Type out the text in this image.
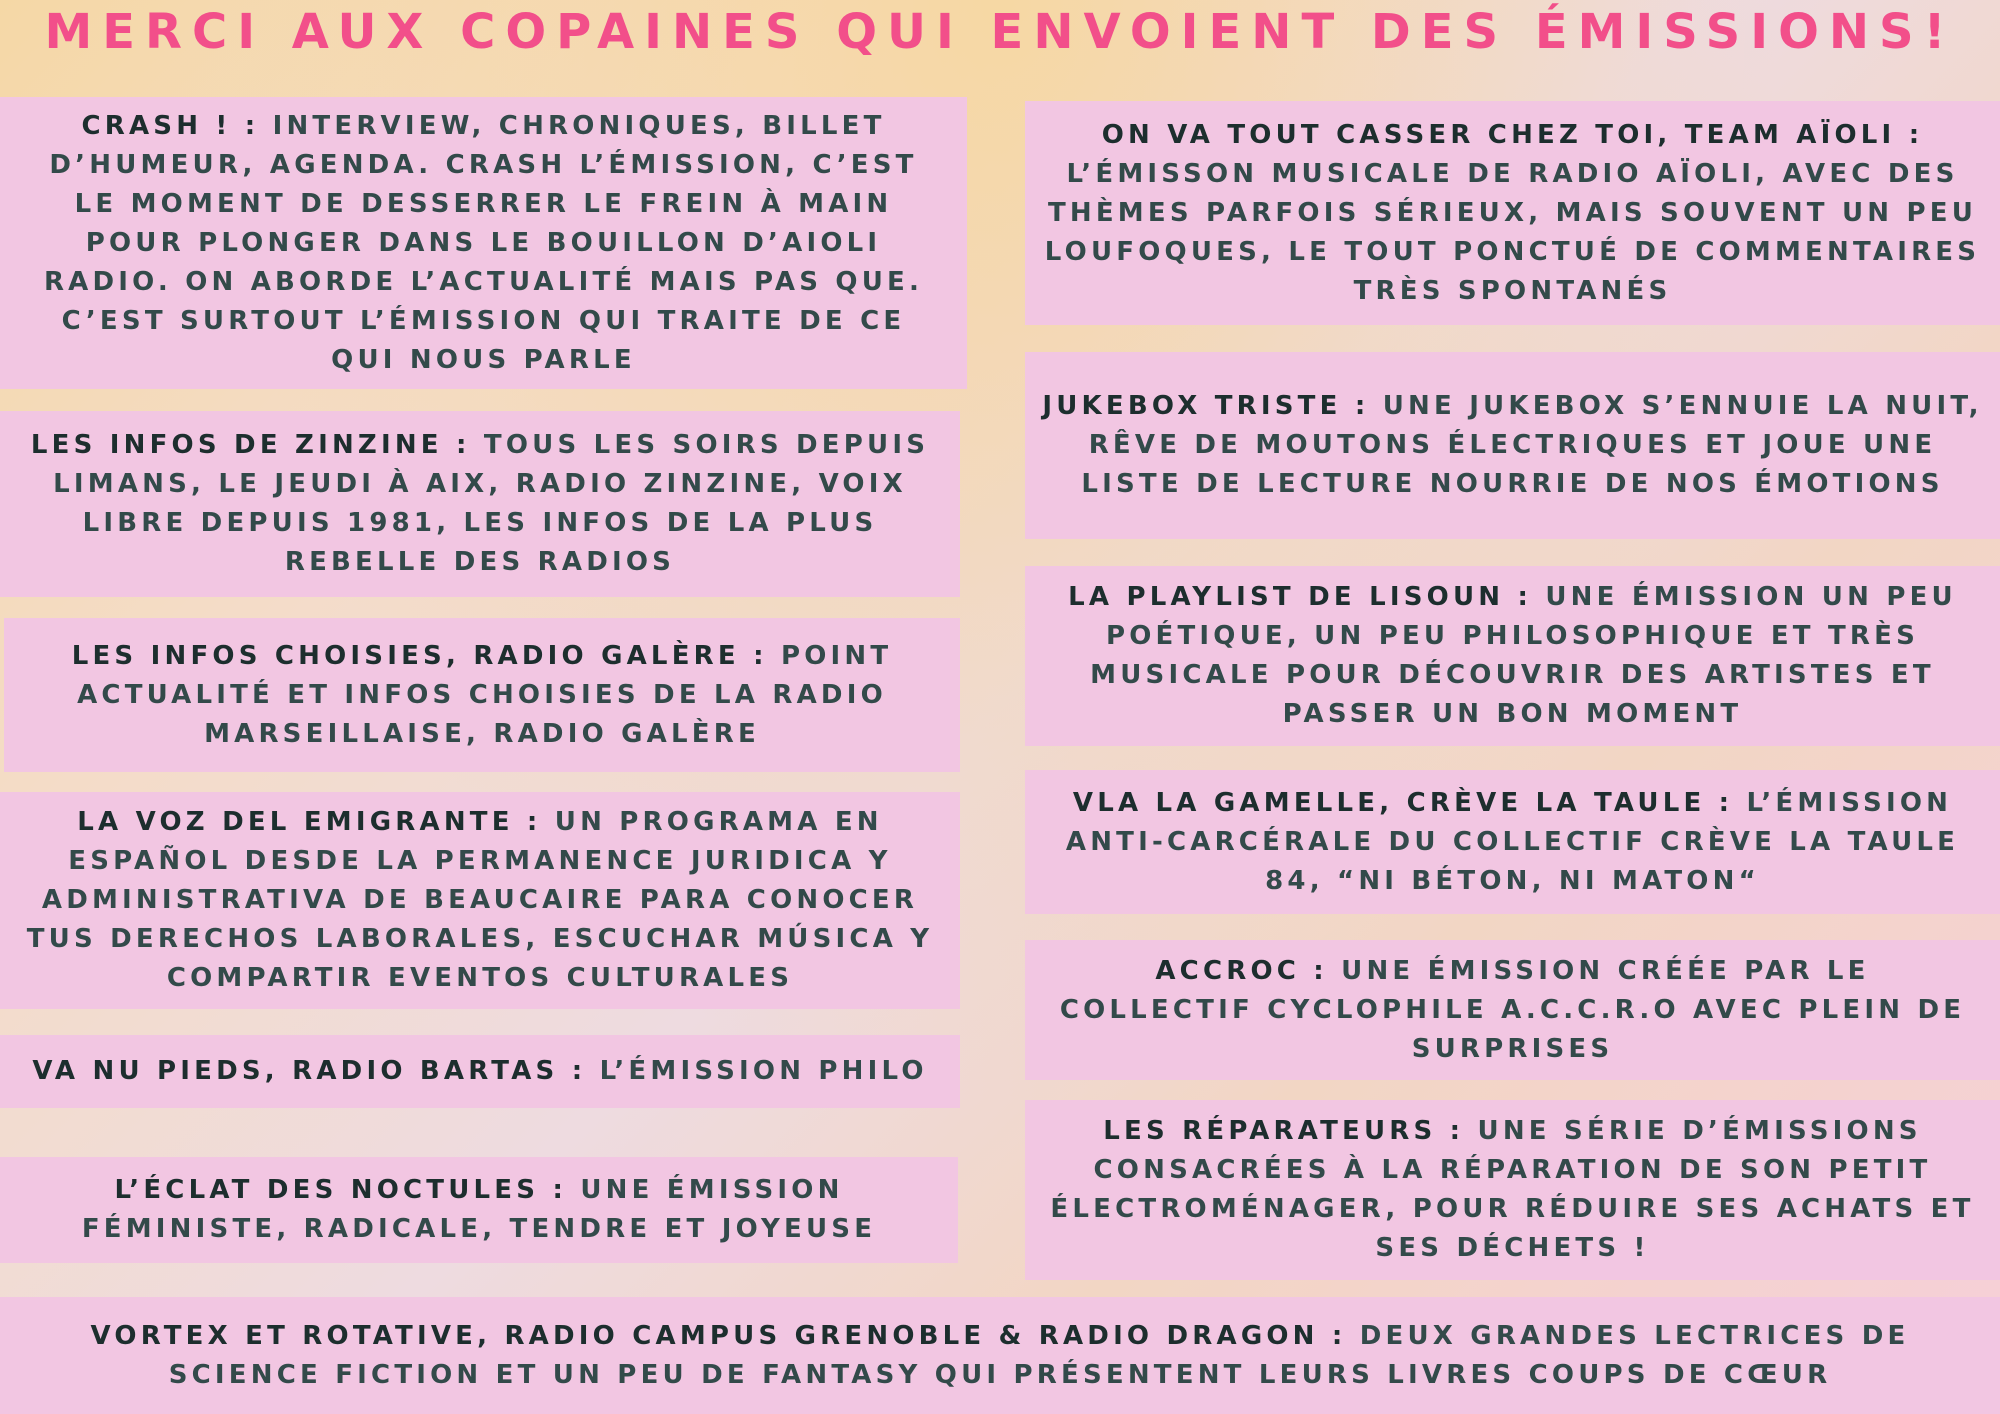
MERCI AUX COPAINES QUI ENVOIENT DES ÉMISSIONS!

CRASH ! : INTERVIEW, CHRONIQUES, BILLET D’HUMEUR, AGENDA. CRASH L’ÉMISSION, C’EST LE MOMENT DE DESSERRER LE FREIN À MAIN POUR PLONGER DANS LE BOUILLON D’AIOLI RADIO. ON ABORDE L’ACTUALITÉ MAIS PAS QUE. C’EST SURTOUT L’ÉMISSION QUI TRAITE DE CE QUI NOUS PARLE

LES INFOS DE ZINZINE : TOUS LES SOIRS DEPUIS LIMANS, LE JEUDI À AIX, RADIO ZINZINE, VOIX LIBRE DEPUIS 1981, LES INFOS DE LA PLUS REBELLE DES RADIOS

LES INFOS CHOISIES, RADIO GALÈRE : POINT ACTUALITÉ ET INFOS CHOISIES DE LA RADIO MARSEILLAISE, RADIO GALÈRE

LA VOZ DEL EMIGRANTE : UN PROGRAMA EN ESPAÑOL DESDE LA PERMANENCE JURIDICA Y ADMINISTRATIVA DE BEAUCAIRE PARA CONOCER TUS DERECHOS LABORALES, ESCUCHAR MÚSICA Y COMPARTIR EVENTOS CULTURALES

VA NU PIEDS, RADIO BARTAS : L’ÉMISSION PHILO

L’ÉCLAT DES NOCTULES : UNE ÉMISSION FÉMINISTE, RADICALE, TENDRE ET JOYEUSE

ON VA TOUT CASSER CHEZ TOI, TEAM AÏOLI : L’ÉMISSON MUSICALE DE RADIO AÏOLI, AVEC DES THÈMES PARFOIS SÉRIEUX, MAIS SOUVENT UN PEU LOUFOQUES, LE TOUT PONCTUÉ DE COMMENTAIRES TRÈS SPONTANÉS

JUKEBOX TRISTE : UNE JUKEBOX S’ENNUIE LA NUIT, RÊVE DE MOUTONS ÉLECTRIQUES ET JOUE UNE LISTE DE LECTURE NOURRIE DE NOS ÉMOTIONS

LA PLAYLIST DE LISOUN : UNE ÉMISSION UN PEU POÉTIQUE, UN PEU PHILOSOPHIQUE ET TRÈS MUSICALE POUR DÉCOUVRIR DES ARTISTES ET PASSER UN BON MOMENT

VLA LA GAMELLE, CRÈVE LA TAULE : L’ÉMISSION ANTI-CARCÉRALE DU COLLECTIF CRÈVE LA TAULE 84, “NI BÉTON, NI MATON“

ACCROC : UNE ÉMISSION CRÉÉE PAR LE COLLECTIF CYCLOPHILE A.C.C.R.O AVEC PLEIN DE SURPRISES

LES RÉPARATEURS : UNE SÉRIE D’ÉMISSIONS CONSACRÉES À LA RÉPARATION DE SON PETIT ÉLECTROMÉNAGER, POUR RÉDUIRE SES ACHATS ET SES DÉCHETS !

VORTEX ET ROTATIVE, RADIO CAMPUS GRENOBLE & RADIO DRAGON : DEUX GRANDES LECTRICES DE SCIENCE FICTION ET UN PEU DE FANTASY QUI PRÉSENTENT LEURS LIVRES COUPS DE CŒUR
